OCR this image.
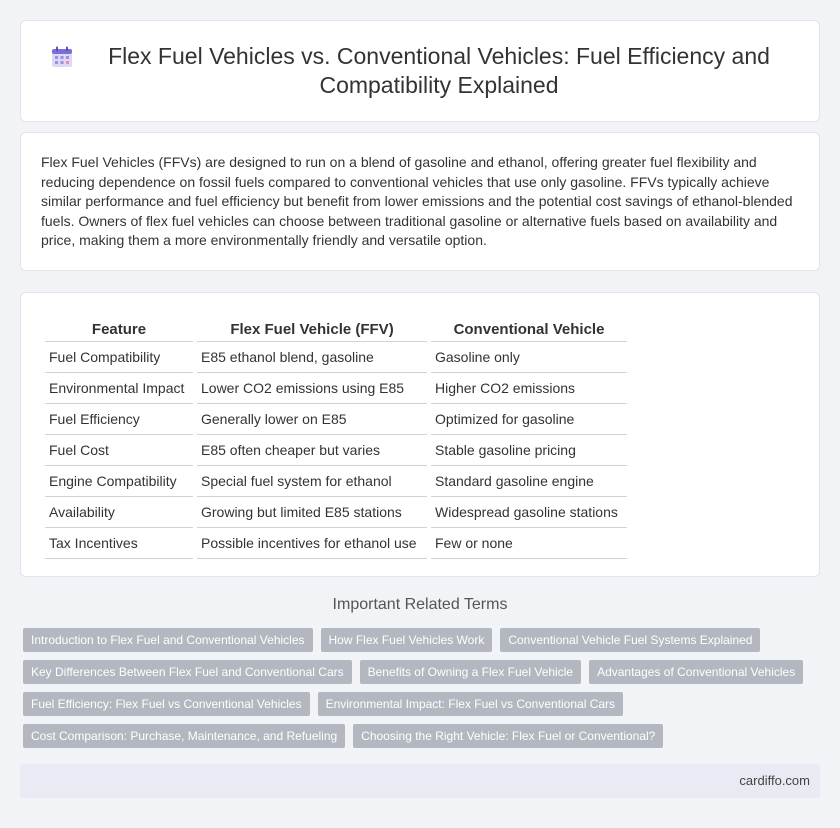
Flex Fuel Vehicles vs. Conventional Vehicles: Fuel Efficiency and Compatibility Explained

Flex Fuel Vehicles (FFVs) are designed to run on a blend of gasoline and ethanol, offering greater fuel flexibility and reducing dependence on fossil fuels compared to conventional vehicles that use only gasoline. FFVs typically achieve similar performance and fuel efficiency but benefit from lower emissions and the potential cost savings of ethanol-blended fuels. Owners of flex fuel vehicles can choose between traditional gasoline or alternative fuels based on availability and price, making them a more environmentally friendly and versatile option.

Feature	Flex Fuel Vehicle (FFV)	Conventional Vehicle
Fuel Compatibility	E85 ethanol blend, gasoline	Gasoline only
Environmental Impact	Lower CO2 emissions using E85	Higher CO2 emissions
Fuel Efficiency	Generally lower on E85	Optimized for gasoline
Fuel Cost	E85 often cheaper but varies	Stable gasoline pricing
Engine Compatibility	Special fuel system for ethanol	Standard gasoline engine
Availability	Growing but limited E85 stations	Widespread gasoline stations
Tax Incentives	Possible incentives for ethanol use	Few or none
Important Related Terms
Introduction to Flex Fuel and Conventional Vehicles	How Flex Fuel Vehicles Work	Conventional Vehicle Fuel Systems Explained
Key Differences Between Flex Fuel and Conventional Cars	Benefits of Owning a Flex Fuel Vehicle	Advantages of Conventional Vehicles
Fuel Efficiency: Flex Fuel vs Conventional Vehicles	Environmental Impact: Flex Fuel vs Conventional Cars
Cost Comparison: Purchase, Maintenance, and Refueling	Choosing the Right Vehicle: Flex Fuel or Conventional?
cardiffo.com
